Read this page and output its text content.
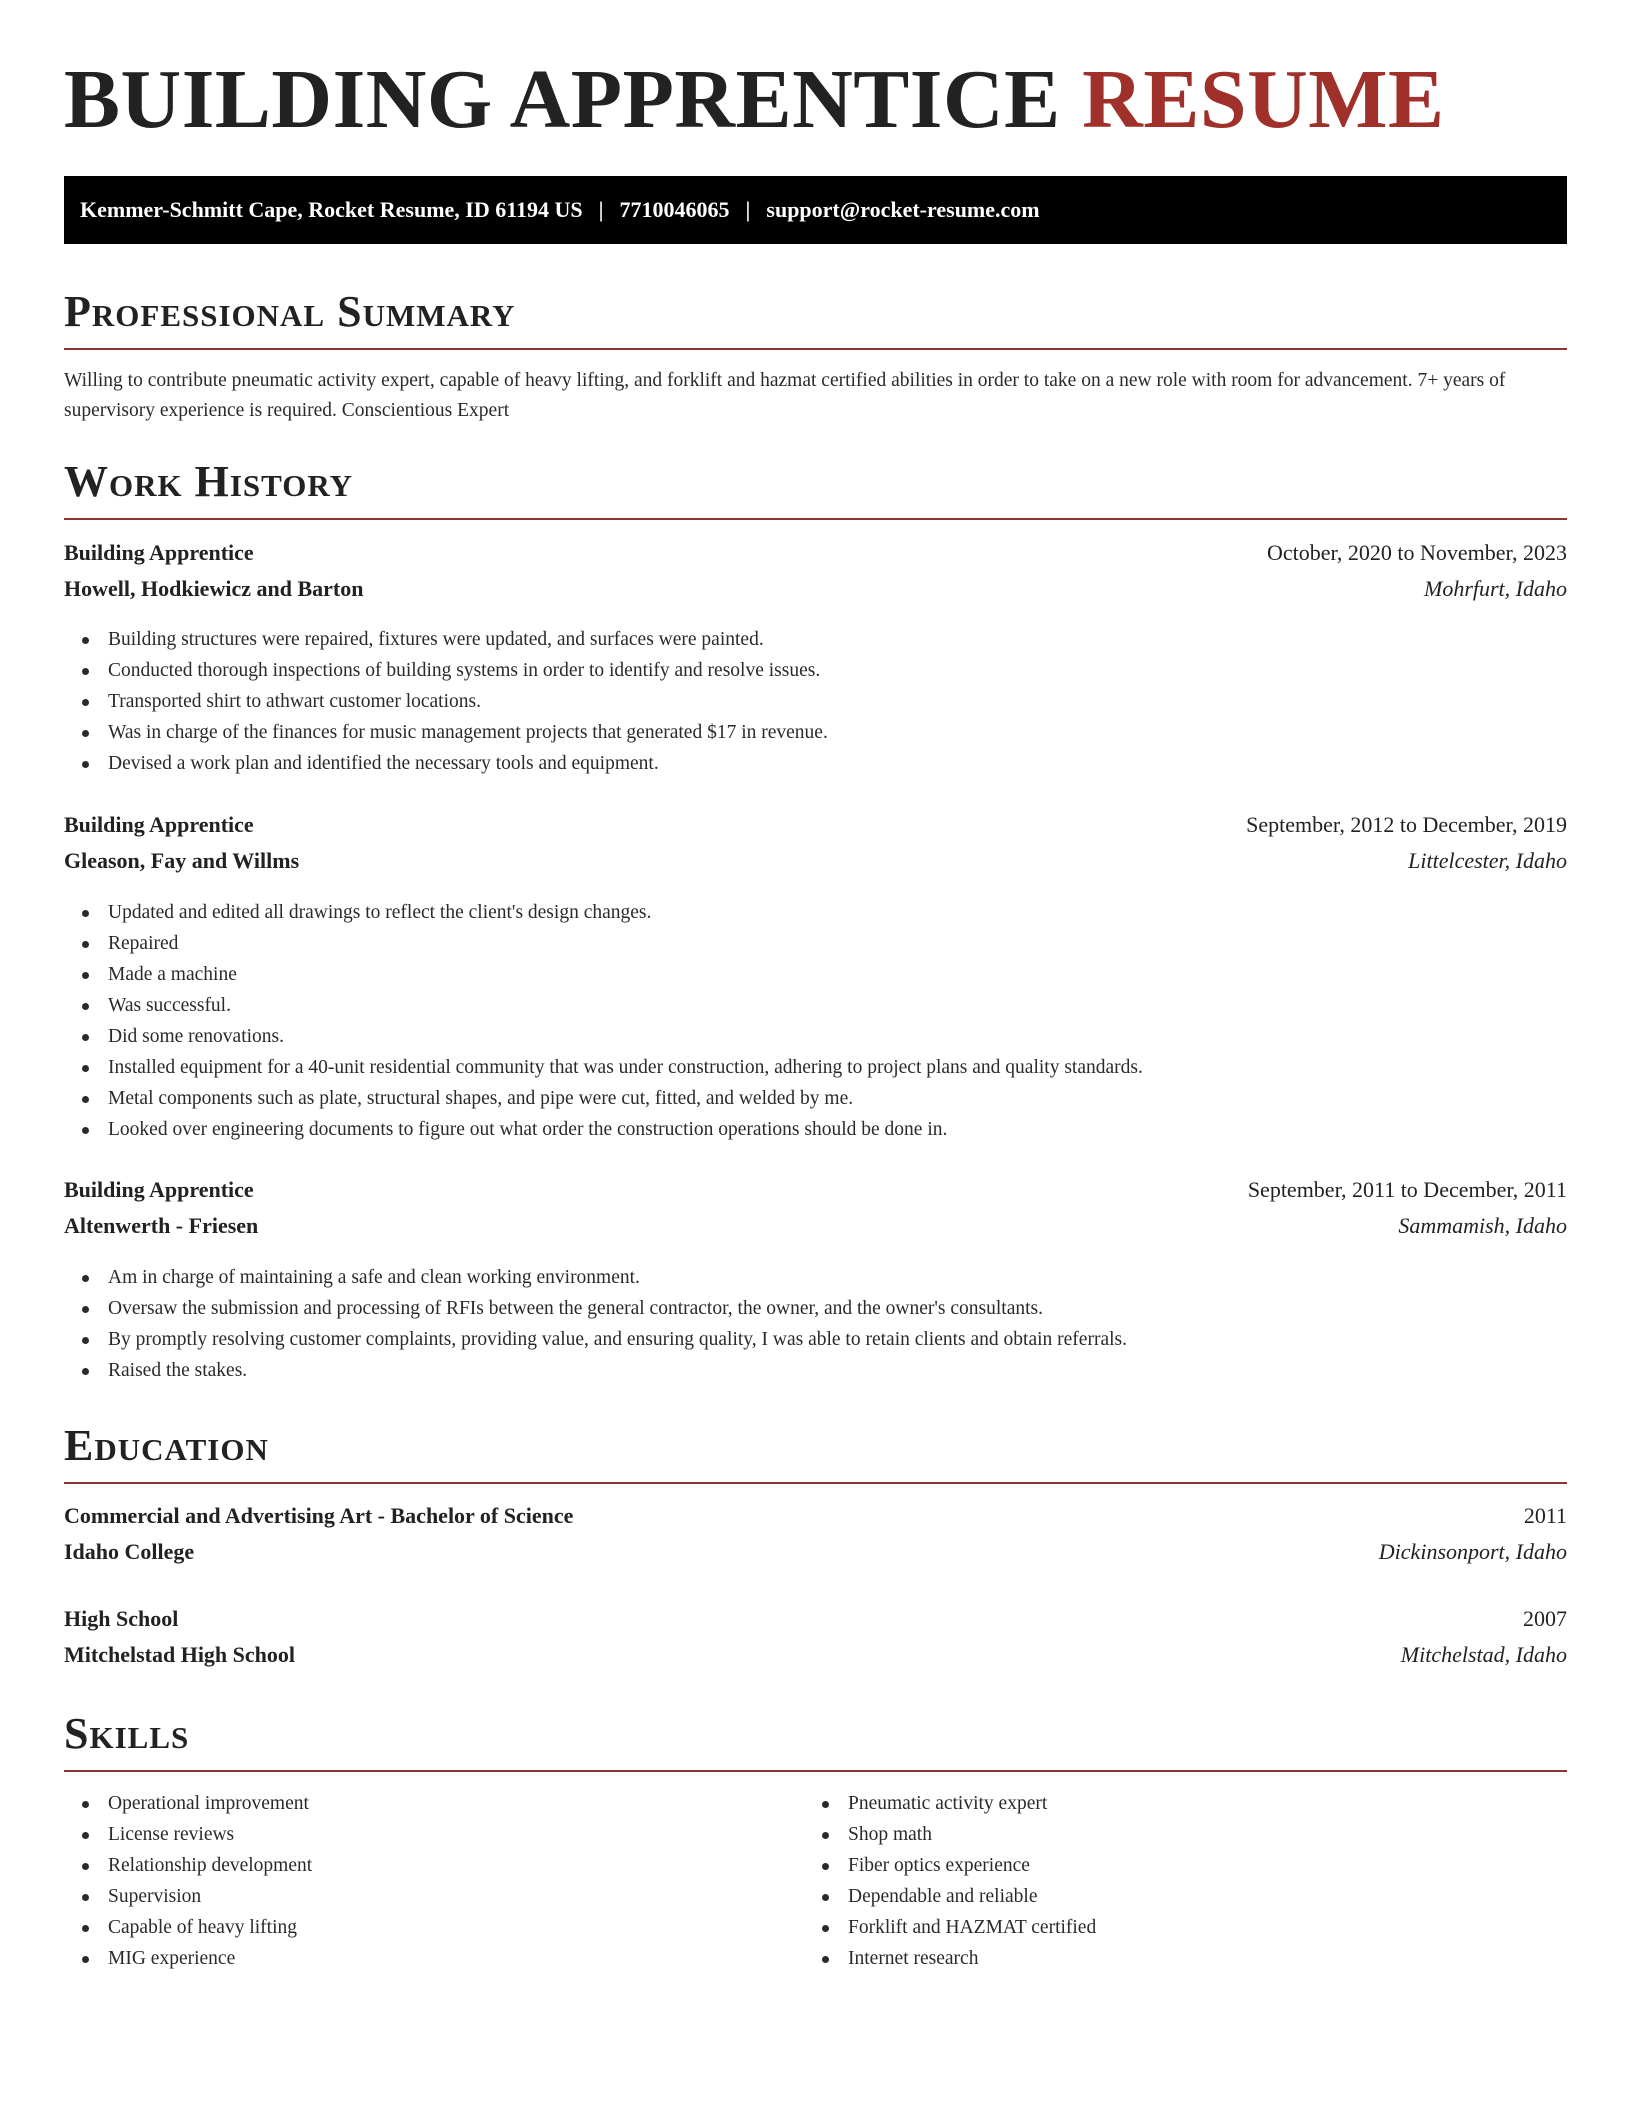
BUILDING APPRENTICE RESUME
Kemmer-Schmitt Cape, Rocket Resume, ID 61194 US | 7710046065 | support@rocket-resume.com
Professional Summary

Willing to contribute pneumatic activity expert, capable of heavy lifting, and forklift and hazmat certified abilities in order to take on a new role with room for advancement. 7+ years of supervisory experience is required. Conscientious Expert

Work History
Building Apprentice	October, 2020 to November, 2023
Howell, Hodkiewicz and Barton	Mohrfurt, Idaho
Building structures were repaired, fixtures were updated, and surfaces were painted.
Conducted thorough inspections of building systems in order to identify and resolve issues.
Transported shirt to athwart customer locations.
Was in charge of the finances for music management projects that generated $17 in revenue.
Devised a work plan and identified the necessary tools and equipment.
Building Apprentice	September, 2012 to December, 2019
Gleason, Fay and Willms	Littelcester, Idaho
Updated and edited all drawings to reflect the client's design changes.
Repaired
Made a machine
Was successful.
Did some renovations.
Installed equipment for a 40-unit residential community that was under construction, adhering to project plans and quality standards.
Metal components such as plate, structural shapes, and pipe were cut, fitted, and welded by me.
Looked over engineering documents to figure out what order the construction operations should be done in.
Building Apprentice	September, 2011 to December, 2011
Altenwerth - Friesen	Sammamish, Idaho
Am in charge of maintaining a safe and clean working environment.
Oversaw the submission and processing of RFIs between the general contractor, the owner, and the owner's consultants.
By promptly resolving customer complaints, providing value, and ensuring quality, I was able to retain clients and obtain referrals.
Raised the stakes.
Education
Commercial and Advertising Art - Bachelor of Science	2011
Idaho College	Dickinsonport, Idaho
High School	2007
Mitchelstad High School	Mitchelstad, Idaho
Skills
Operational improvement
License reviews
Relationship development
Supervision
Capable of heavy lifting
MIG experience
Pneumatic activity expert
Shop math
Fiber optics experience
Dependable and reliable
Forklift and HAZMAT certified
Internet research
